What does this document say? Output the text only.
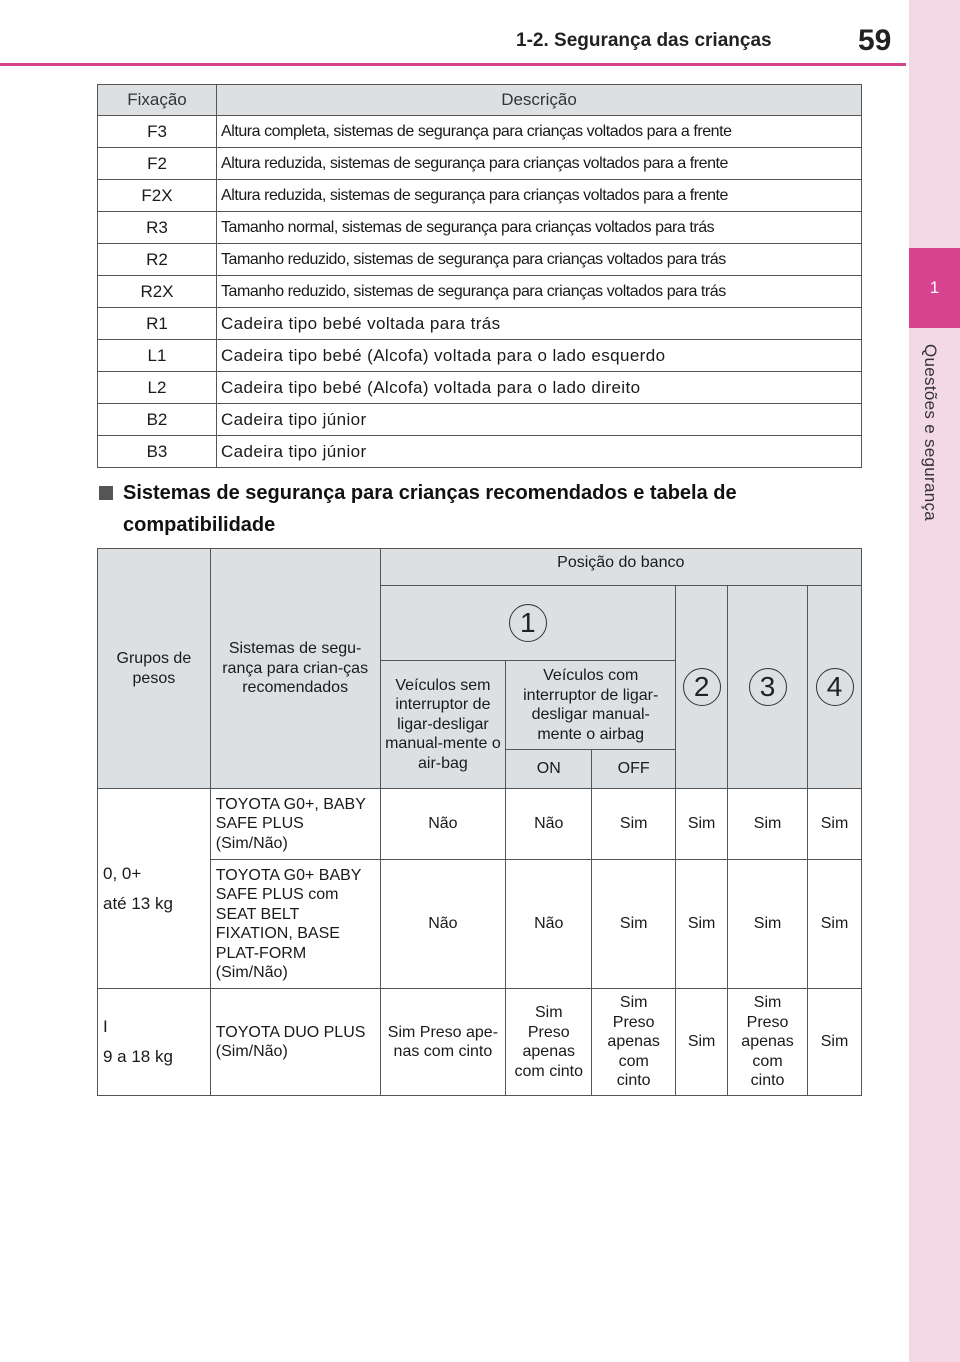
1-2. Segurança das crianças	59
1
Questões e segurança
Fixação	Descrição
F3	Altura completa, sistemas de segurança para crianças voltados para a frente
F2	Altura reduzida, sistemas de segurança para crianças voltados para a frente
F2X	Altura reduzida, sistemas de segurança para crianças voltados para a frente
R3	Tamanho normal, sistemas de segurança para crianças voltados para trás
R2	Tamanho reduzido, sistemas de segurança para crianças voltados para trás
R2X	Tamanho reduzido, sistemas de segurança para crianças voltados para trás
R1	Cadeira tipo bebé voltada para trás
L1	Cadeira tipo bebé (Alcofa) voltada para o lado esquerdo
L2	Cadeira tipo bebé (Alcofa) voltada para o lado direito
B2	Cadeira tipo júnior
B3	Cadeira tipo júnior
Sistemas de segurança para crianças recomendados e tabela de compatibilidade
Grupos de pesos	Sistemas de segu-rança para crian-ças recomendados	Posição do banco					
		1			2	3	4
		Veículos sem interruptor de ligar-desligar manual-mente o air-bag	Veículos com interruptor de ligar-desligar manual-mente o airbag				
			ON	OFF			

0, 0+
até 13 kg	TOYOTA G0+, BABY SAFE PLUS (Sim/Não)	Não	Não	Sim	Sim	Sim	Sim
	TOYOTA G0+ BABY SAFE PLUS com SEAT BELT FIXATION, BASE PLAT-FORM (Sim/Não)	Não	Não	Sim	Sim	Sim	Sim

I
9 a 18 kg	TOYOTA DUO PLUS (Sim/Não)	Sim Preso ape-nas com cinto	Sim Preso apenas com cinto	Sim Preso apenas com cinto	Sim	Sim Preso apenas com cinto	Sim
